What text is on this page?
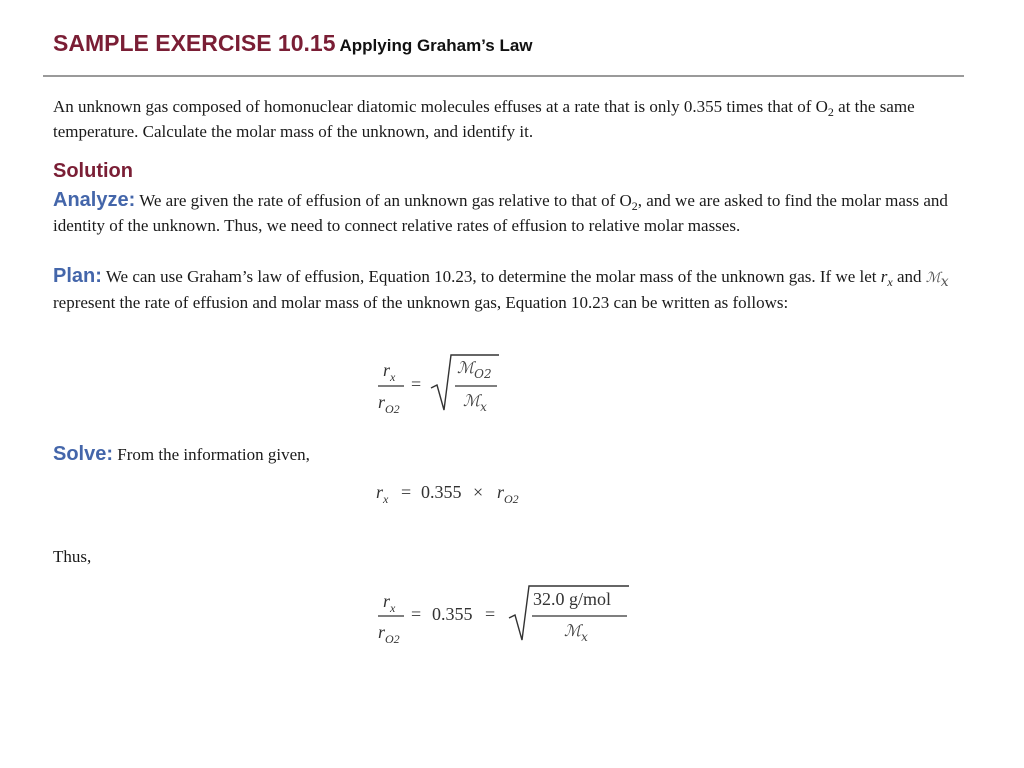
SAMPLE EXERCISE 10.15 Applying Graham’s Law
An unknown gas composed of homonuclear diatomic molecules effuses at a rate that is only 0.355 times that of $O_2$ at the same temperature. Calculate the molar mass of the unknown, and identify it.
Solution
Analyze: We are given the rate of effusion of an unknown gas relative to that of $O_2$, and we are asked to find the molar mass and identity of the unknown. Thus, we need to connect relative rates of effusion to relative molar masses.
Plan: We can use Graham’s law of effusion, Equation 10.23, to determine the molar mass of the unknown gas. If we let $r_x$ and ℳ$_x$ represent the rate of effusion and molar mass of the unknown gas, Equation 10.23 can be written as follows:
$r_x$
$r_{O2}$
=
ℳ$_{O2}$
ℳ$_x$
Solve: From the information given,
$r_x = 0.355 \times r_{O2}$
Thus,
$r_x$
$r_{O2}$
= 0.355 =
32.0 g/mol
ℳ$_x$
